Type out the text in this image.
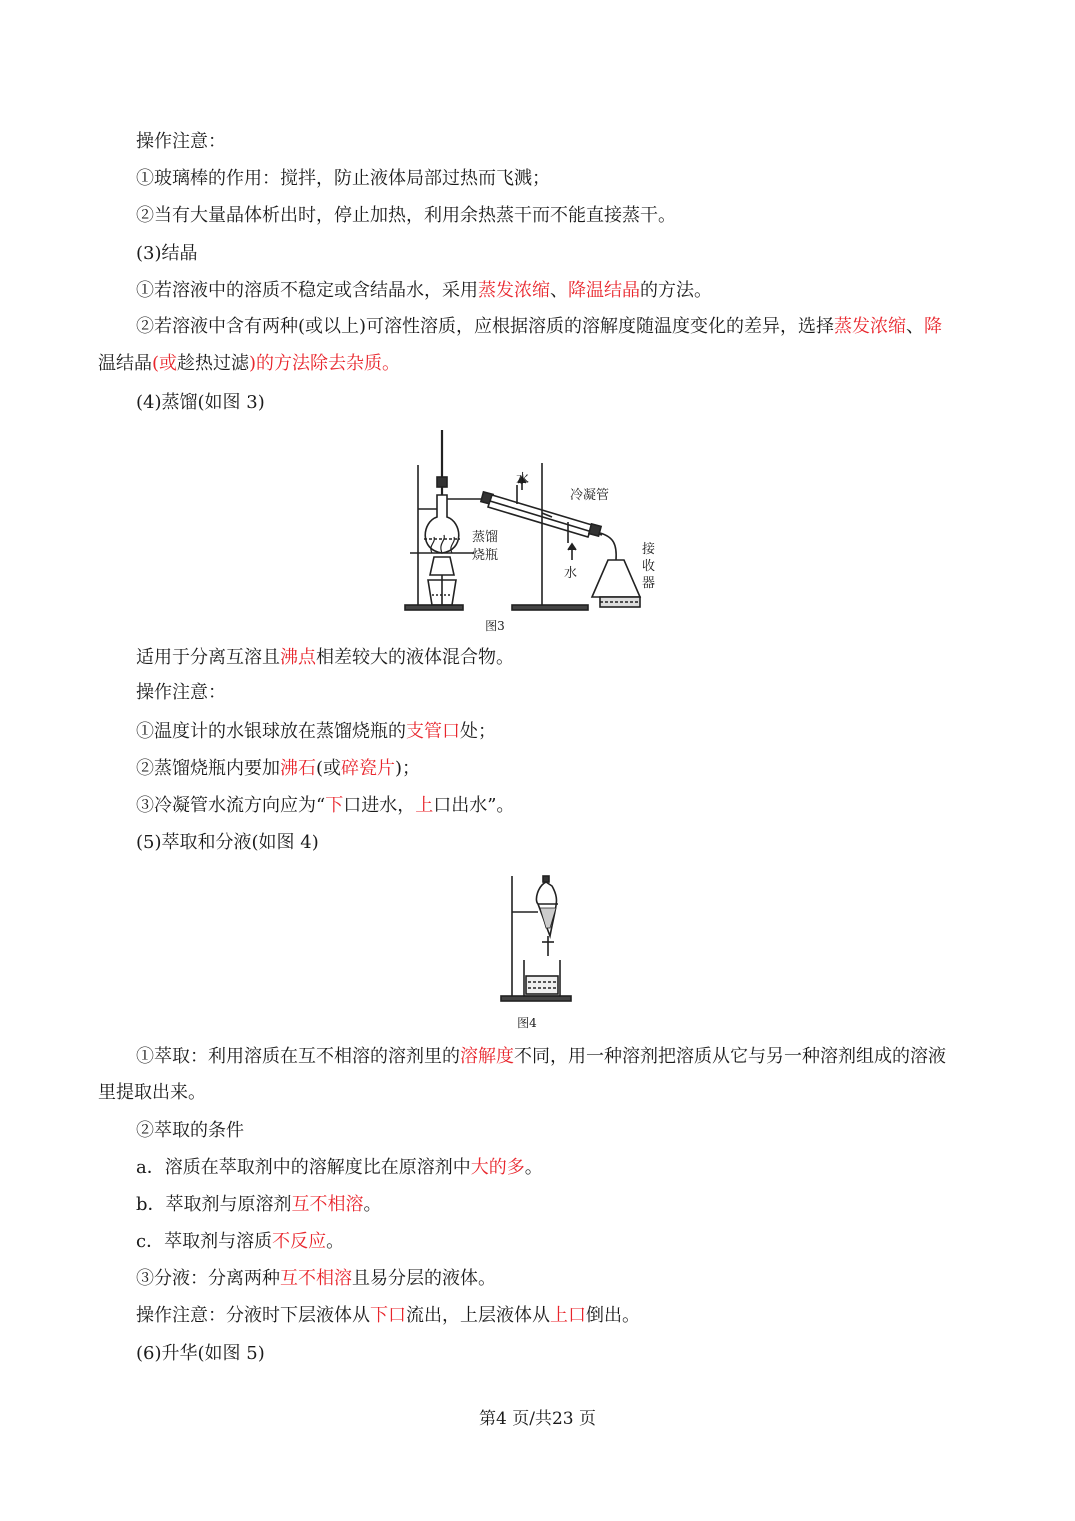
操作注意：
①玻璃棒的作用：搅拌，防止液体局部过热而飞溅；
②当有大量晶体析出时，停止加热，利用余热蒸干而不能直接蒸干。
(3)结晶
①若溶液中的溶质不稳定或含结晶水，采用蒸发浓缩、降温结晶的方法。
②若溶液中含有两种(或以上)可溶性溶质，应根据溶质的溶解度随温度变化的差异，选择蒸发浓缩、降
温结晶(或趁热过滤)的方法除去杂质。
(4)蒸馏(如图 3)
水
冷凝管
蒸馏
烧瓶
水
接
收
器
图3
适用于分离互溶且沸点相差较大的液体混合物。
操作注意：
①温度计的水银球放在蒸馏烧瓶的支管口处；
②蒸馏烧瓶内要加沸石(或碎瓷片)；
③冷凝管水流方向应为“下口进水，上口出水”。
(5)萃取和分液(如图 4)
图4
①萃取：利用溶质在互不相溶的溶剂里的溶解度不同，用一种溶剂把溶质从它与另一种溶剂组成的溶液
里提取出来。
②萃取的条件
a．溶质在萃取剂中的溶解度比在原溶剂中大的多。
b．萃取剂与原溶剂互不相溶。
c．萃取剂与溶质不反应。
③分液：分离两种互不相溶且易分层的液体。
操作注意：分液时下层液体从下口流出，上层液体从上口倒出。
(6)升华(如图 5)
第4 页/共23 页
